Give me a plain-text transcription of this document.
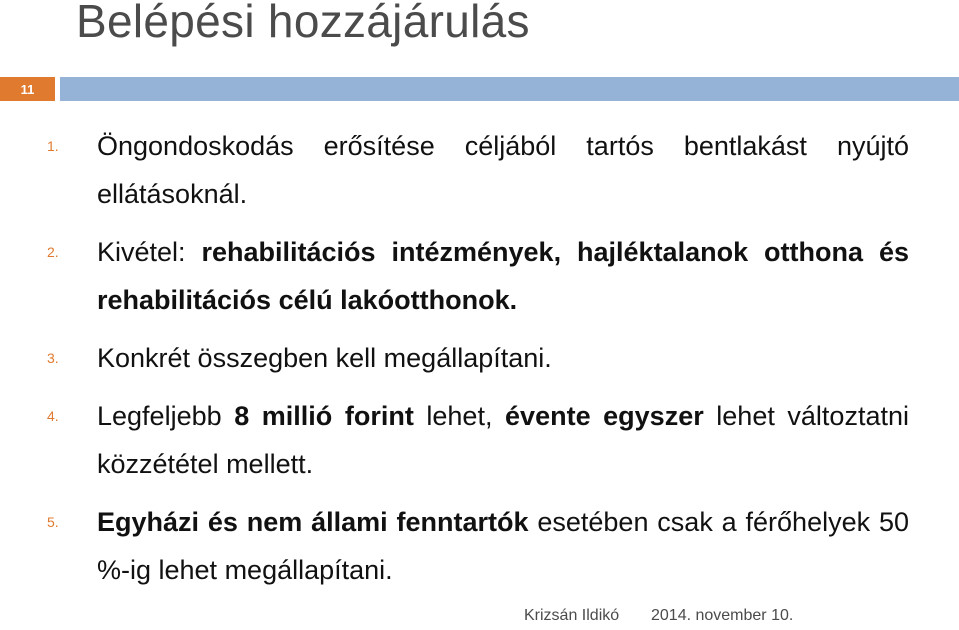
Belépési hozzájárulás
11
1. Öngondoskodás erősítése céljából tartós bentlakást nyújtó ellátásoknál.
2. Kivétel: rehabilitációs intézmények, hajléktalanok otthona és rehabilitációs célú lakóotthonok.
3. Konkrét összegben kell megállapítani.
4. Legfeljebb 8 millió forint lehet, évente egyszer lehet változtatni közzététel mellett.
5. Egyházi és nem állami fenntartók esetében csak a férőhelyek 50 %-ig lehet megállapítani.
Krizsán Ildikó 2014. november 10.
